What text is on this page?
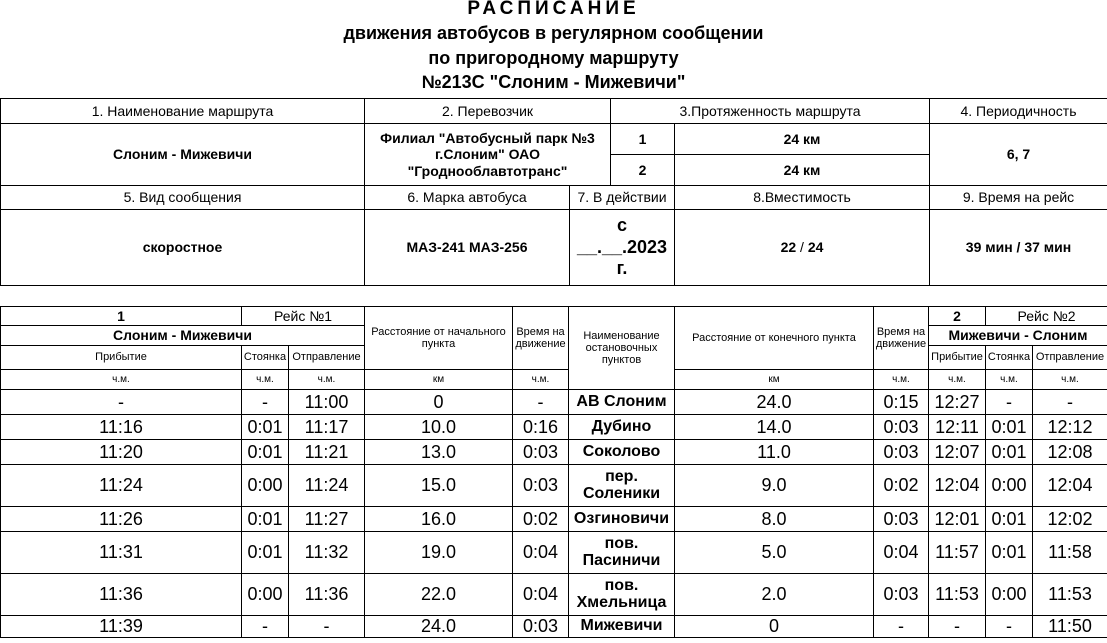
РАСПИСАНИЕ
движения автобусов в регулярном сообщении
по пригородному маршруту
№213С "Слоним - Мижевичи"
1. Наименование маршрута	2. Перевозчик		3.Протяженность маршрута		4. Периодичность
Слоним - Мижевичи	Филиал "Автобусный парк №3 г.Слоним" ОАО "Гроднооблавтотранс"		1	24 км	6, 7
			2	24 км	
5. Вид сообщения	6. Марка автобуса	7. В действии		8.Вместимость	9. Время на рейс
скоростное	МАЗ-241 МАЗ-256	с
__.__.2023
г.		22 / 24	39 мин / 37 мин
1	Рейс №1		Расстояние от начального пункта	Время на движение	Наименование остановочных пунктов	Расстояние от конечного пункта	Время на движение	2	Рейс №2	
Слоним - Мижевичи								Мижевичи - Слоним		
Прибытие	Стоянка	Отправление						Прибытие	Стоянка	Отправление
ч.м.	ч.м.	ч.м.	км	ч.м.		км	ч.м.	ч.м.	ч.м.	ч.м.
-	-	11:00	0	-	АВ Слоним	24.0	0:15	12:27	-	-
11:16	0:01	11:17	10.0	0:16	Дубино	14.0	0:03	12:11	0:01	12:12
11:20	0:01	11:21	13.0	0:03	Соколово	11.0	0:03	12:07	0:01	12:08
11:24	0:00	11:24	15.0	0:03	пер. Соленики	9.0	0:02	12:04	0:00	12:04
11:26	0:01	11:27	16.0	0:02	Озгиновичи	8.0	0:03	12:01	0:01	12:02
11:31	0:01	11:32	19.0	0:04	пов. Пасиничи	5.0	0:04	11:57	0:01	11:58
11:36	0:00	11:36	22.0	0:04	пов. Хмельница	2.0	0:03	11:53	0:00	11:53
11:39	-	-	24.0	0:03	Мижевичи	0	-	-	-	11:50
